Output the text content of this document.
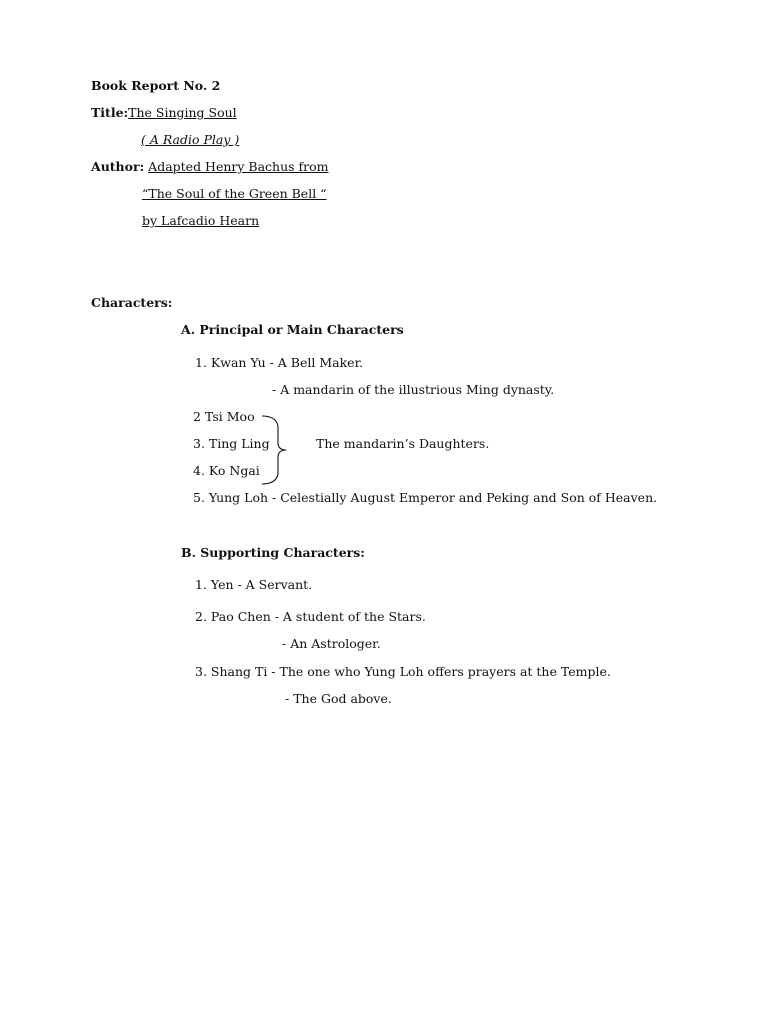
Book Report No. 2
Title:The Singing Soul
( A Radio Play )
Author: Adapted Henry Bachus from
“The Soul of the Green Bell “
by Lafcadio Hearn
Characters:
A. Principal or Main Characters
1. Kwan Yu - A Bell Maker.
- A mandarin of the illustrious Ming dynasty.
2 Tsi Moo
3. Ting Ling
4. Ko Ngai
The mandarin’s Daughters.
5. Yung Loh - Celestially August Emperor and Peking and Son of Heaven.
B. Supporting Characters:
1. Yen - A Servant.
2. Pao Chen - A student of the Stars.
- An Astrologer.
3. Shang Ti - The one who Yung Loh offers prayers at the Temple.
- The God above.
